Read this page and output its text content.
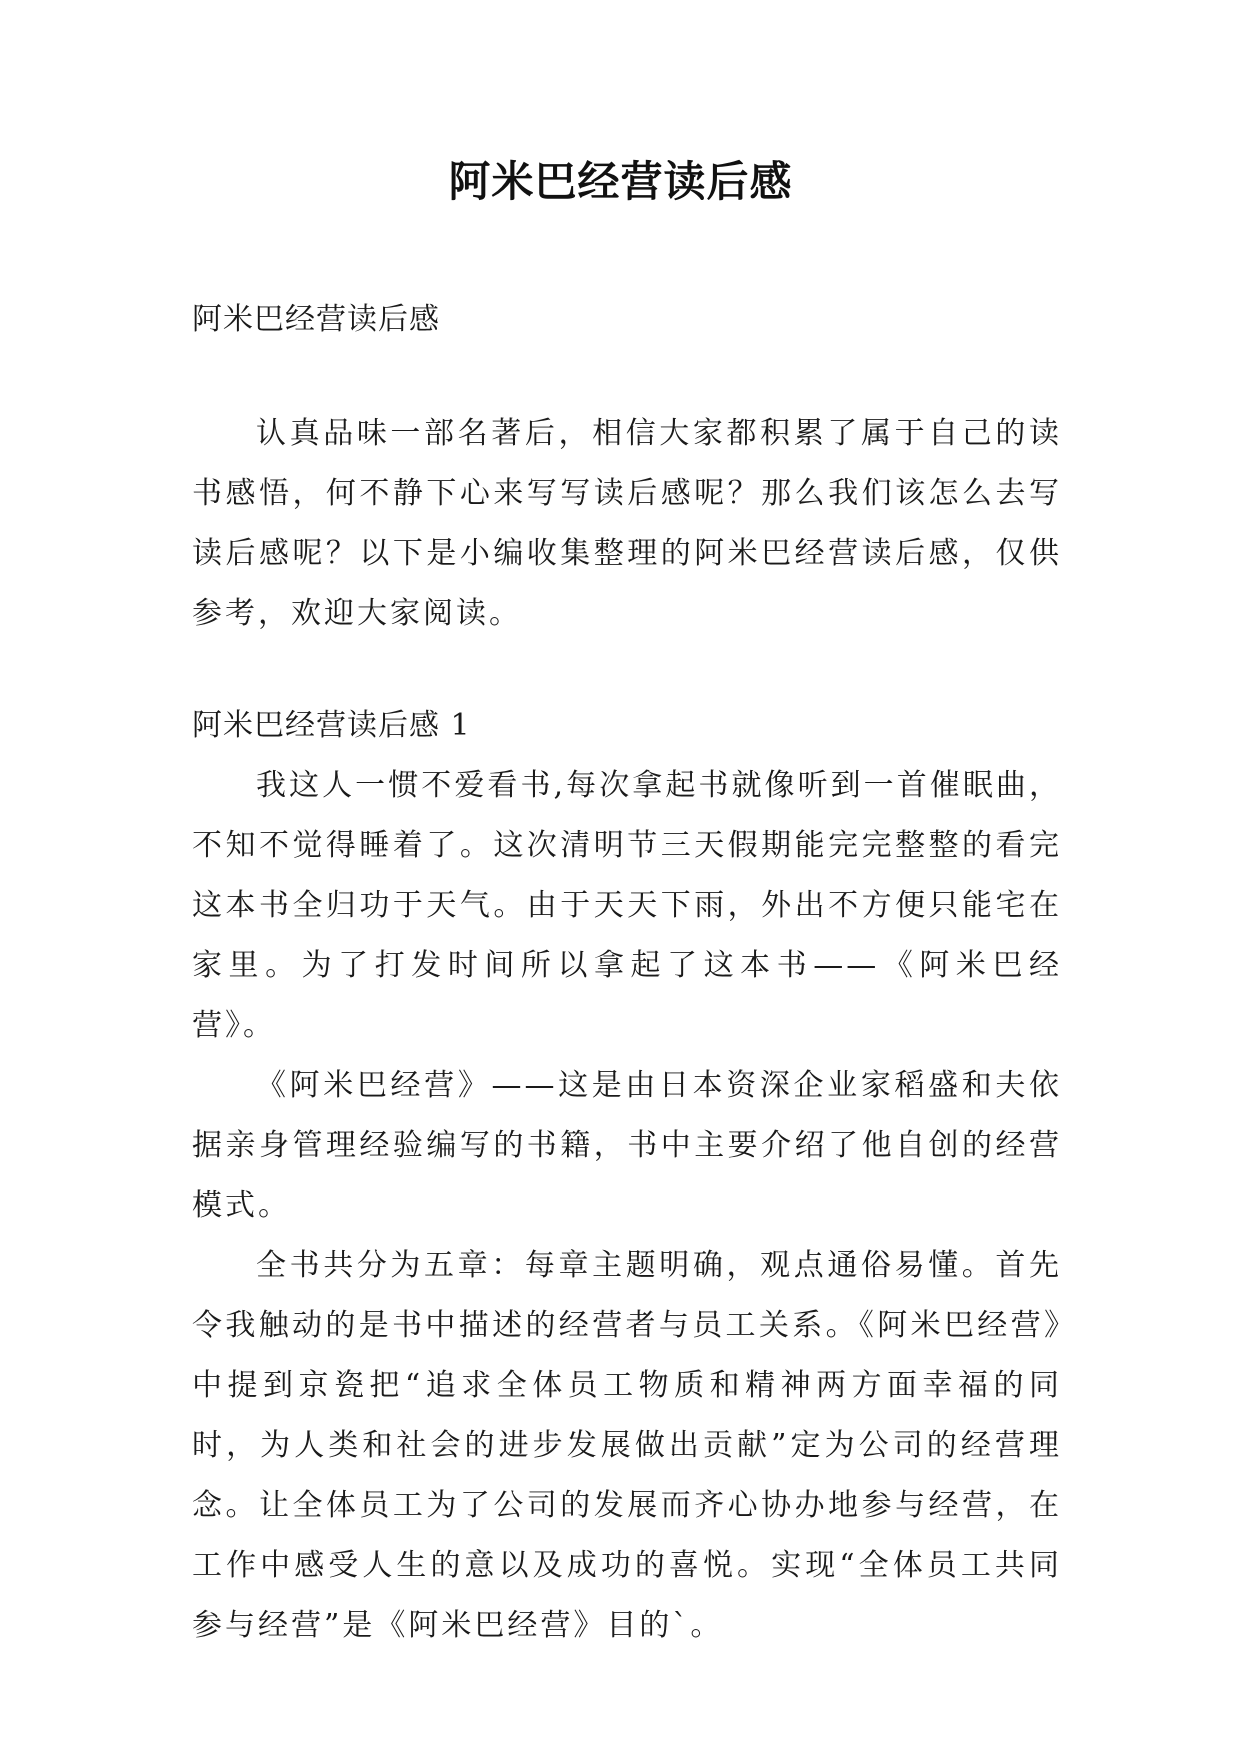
阿米巴经营读后感

阿米巴经营读后感

认真品味一部名著后，相信大家都积累了属于自己的读书感悟，何不静下心来写写读后感呢？那么我们该怎么去写读后感呢？以下是小编收集整理的阿米巴经营读后感，仅供参考，欢迎大家阅读。

阿米巴经营读后感 1

我这人一惯不爱看书,每次拿起书就像听到一首催眠曲，不知不觉得睡着了。这次清明节三天假期能完完整整的看完这本书全归功于天气。由于天天下雨，外出不方便只能宅在家里。为了打发时间所以拿起了这本书——《阿米巴经营》。

《阿米巴经营》——这是由日本资深企业家稻盛和夫依据亲身管理经验编写的书籍，书中主要介绍了他自创的经营模式。

全书共分为五章：每章主题明确，观点通俗易懂。首先令我触动的是书中描述的经营者与员工关系。《阿米巴经营》中提到京瓷把“追求全体员工物质和精神两方面幸福的同时，为人类和社会的进步发展做出贡献”定为公司的经营理念。让全体员工为了公司的发展而齐心协办地参与经营，在工作中感受人生的意以及成功的喜悦。实现“全体员工共同参与经营”是《阿米巴经营》目的`。
